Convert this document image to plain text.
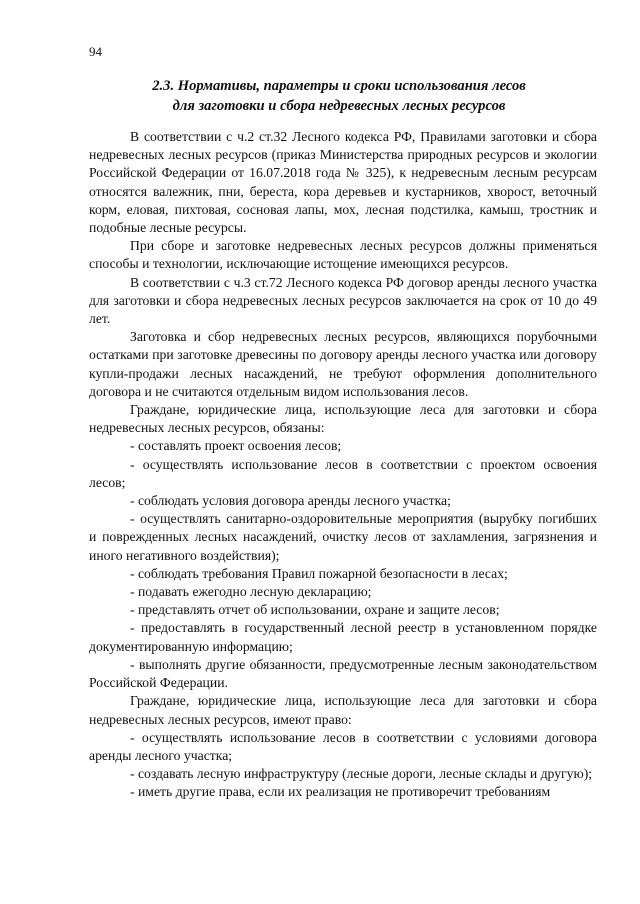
94
2.3. Нормативы, параметры и сроки использования лесов
для заготовки и сбора недревесных лесных ресурсов

В соответствии с ч.2 ст.32 Лесного кодекса РФ, Правилами заготовки и сбора недревесных лесных ресурсов (приказ Министерства природных ресурсов и экологии Российской Федерации от 16.07.2018 года № 325), к недревесным лесным ресурсам относятся валежник, пни, береста, кора деревьев и кустарников, хворост, веточный корм, еловая, пихтовая, сосновая лапы, мох, лесная подстилка, камыш, тростник и подобные лесные ресурсы.

При сборе и заготовке недревесных лесных ресурсов должны применяться способы и технологии, исключающие истощение имеющихся ресурсов.

В соответствии с ч.3 ст.72 Лесного кодекса РФ договор аренды лесного участка для заготовки и сбора недревесных лесных ресурсов заключается на срок от 10 до 49 лет.

Заготовка и сбор недревесных лесных ресурсов, являющихся порубочными остатками при заготовке древесины по договору аренды лесного участка или договору купли-продажи лесных насаждений, не требуют оформления дополнительного договора и не считаются отдельным видом использования лесов.

Граждане, юридические лица, использующие леса для заготовки и сбора недревесных лесных ресурсов, обязаны:

- составлять проект освоения лесов;

- осуществлять использование лесов в соответствии с проектом освоения лесов;

- соблюдать условия договора аренды лесного участка;

- осуществлять санитарно-оздоровительные мероприятия (вырубку погибших и поврежденных лесных насаждений, очистку лесов от захламления, загрязнения и иного негативного воздействия);

- соблюдать требования Правил пожарной безопасности в лесах;

- подавать ежегодно лесную декларацию;

- представлять отчет об использовании, охране и защите лесов;

- предоставлять в государственный лесной реестр в установленном порядке документированную информацию;

- выполнять другие обязанности, предусмотренные лесным законодательством Российской Федерации.

Граждане, юридические лица, использующие леса для заготовки и сбора недревесных лесных ресурсов, имеют право:

- осуществлять использование лесов в соответствии с условиями договора аренды лесного участка;

- создавать лесную инфраструктуру (лесные дороги, лесные склады и другую);

- иметь другие права, если их реализация не противоречит требованиям
